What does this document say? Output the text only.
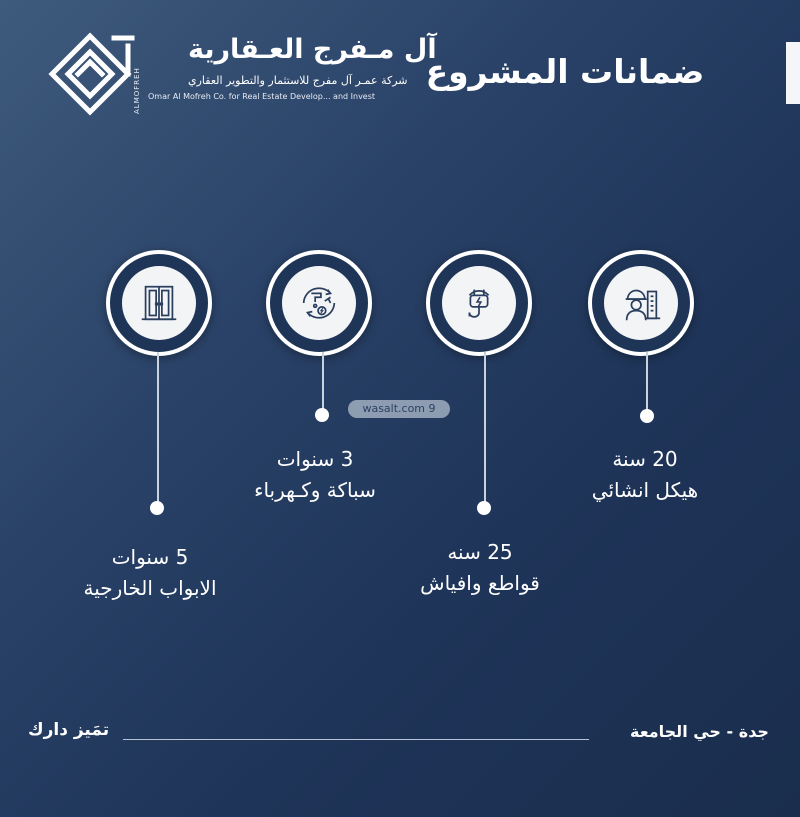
آل مـفرج العـقارية
شركة عمـر آل مفرج للاستثمار والتطوير العقاري
Omar Al Mofreh Co. for Real Estate Develop... and Invest
ALMOFREH	ضمانات المشروع
20 سنة
هيكل انشائي
25 سنه
قواطع وافياش
3 سنوات
سباكة وكـهرباء
5 سنوات
الابواب الخارجية
wasalt.com 9
تمَيز دارك	جدة - حي الجامعة
